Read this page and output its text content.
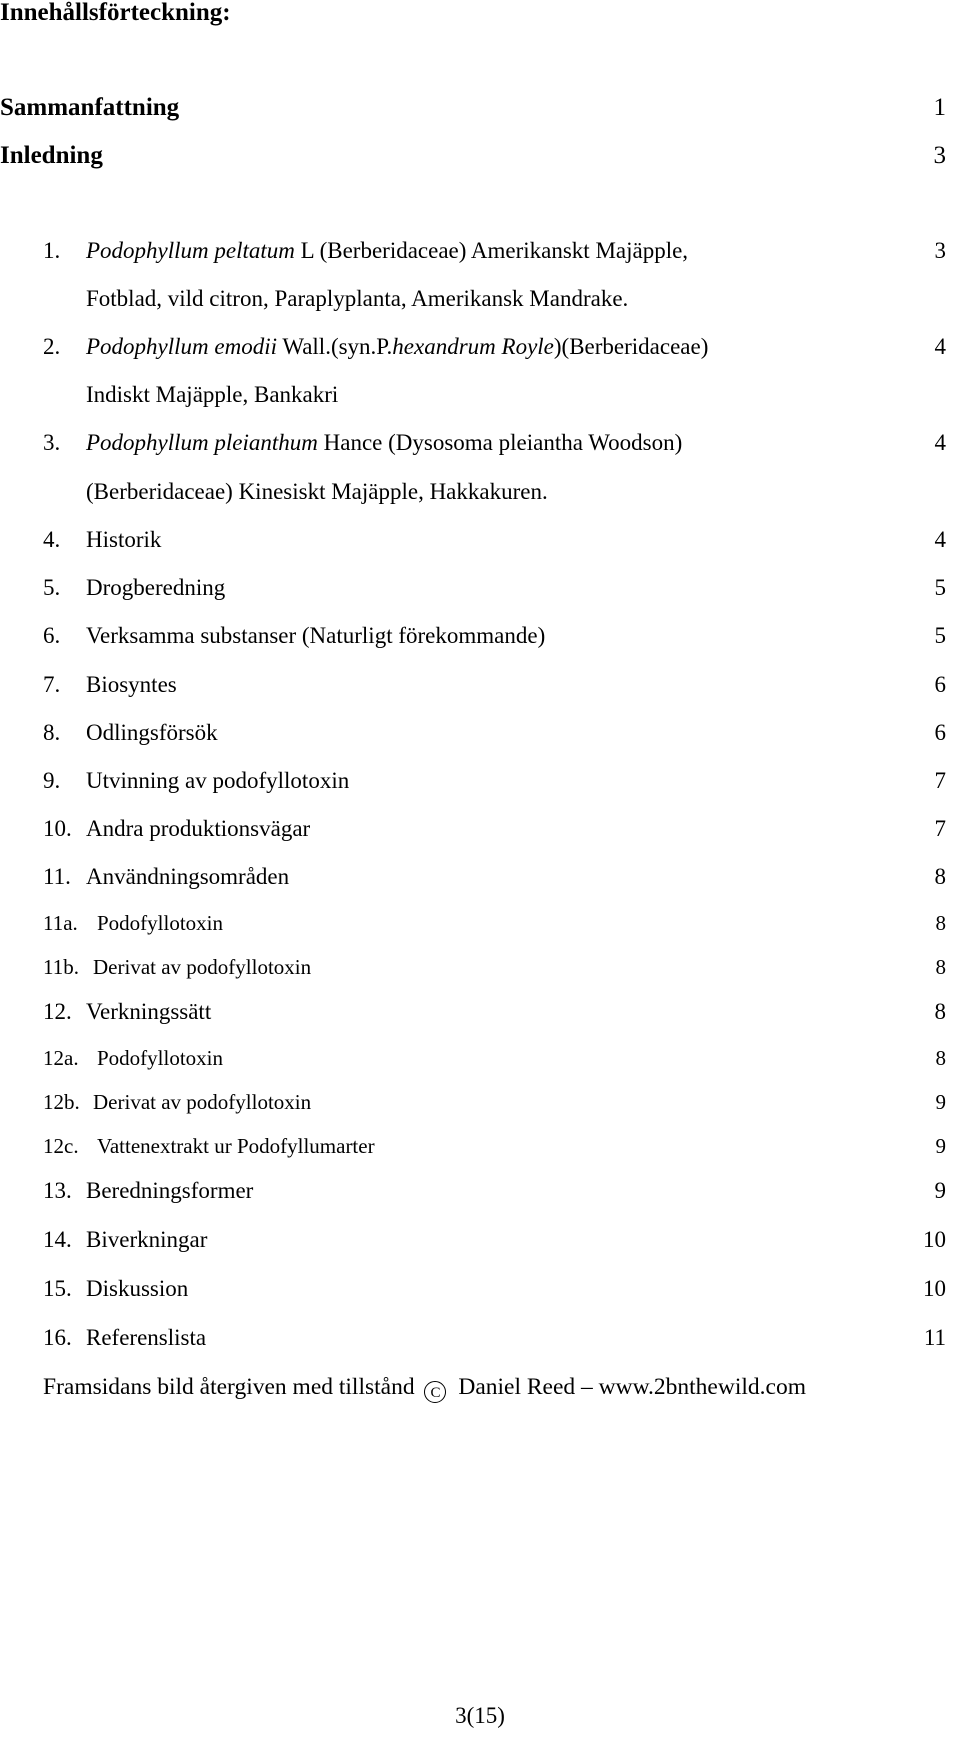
Innehållsförteckning:
Sammanfattning	1
Inledning	3
1. Podophyllum peltatum L (Berberidaceae) Amerikanskt Majäpple,	3
Fotblad, vild citron, Paraplyplanta, Amerikansk Mandrake.
2. Podophyllum emodii Wall.(syn.P.hexandrum Royle)(Berberidaceae)	4
Indiskt Majäpple, Bankakri
3. Podophyllum pleianthum Hance (Dysosoma pleiantha Woodson)	4
(Berberidaceae) Kinesiskt Majäpple, Hakkakuren.
4. Historik	4
5. Drogberedning	5
6. Verksamma substanser (Naturligt förekommande)	5
7. Biosyntes	6
8. Odlingsförsök	6
9. Utvinning av podofyllotoxin	7
10. Andra produktionsvägar	7
11. Användningsområden	8
11a. Podofyllotoxin	8
11b. Derivat av podofyllotoxin	8
12. Verkningssätt	8
12a. Podofyllotoxin	8
12b. Derivat av podofyllotoxin	9
12c. Vattenextrakt ur Podofyllumarter	9
13. Beredningsformer	9
14. Biverkningar	10
15. Diskussion	10
16. Referenslista	11
Framsidans bild återgiven med tillstånd C Daniel Reed – www.2bnthewild.com
3(15)
